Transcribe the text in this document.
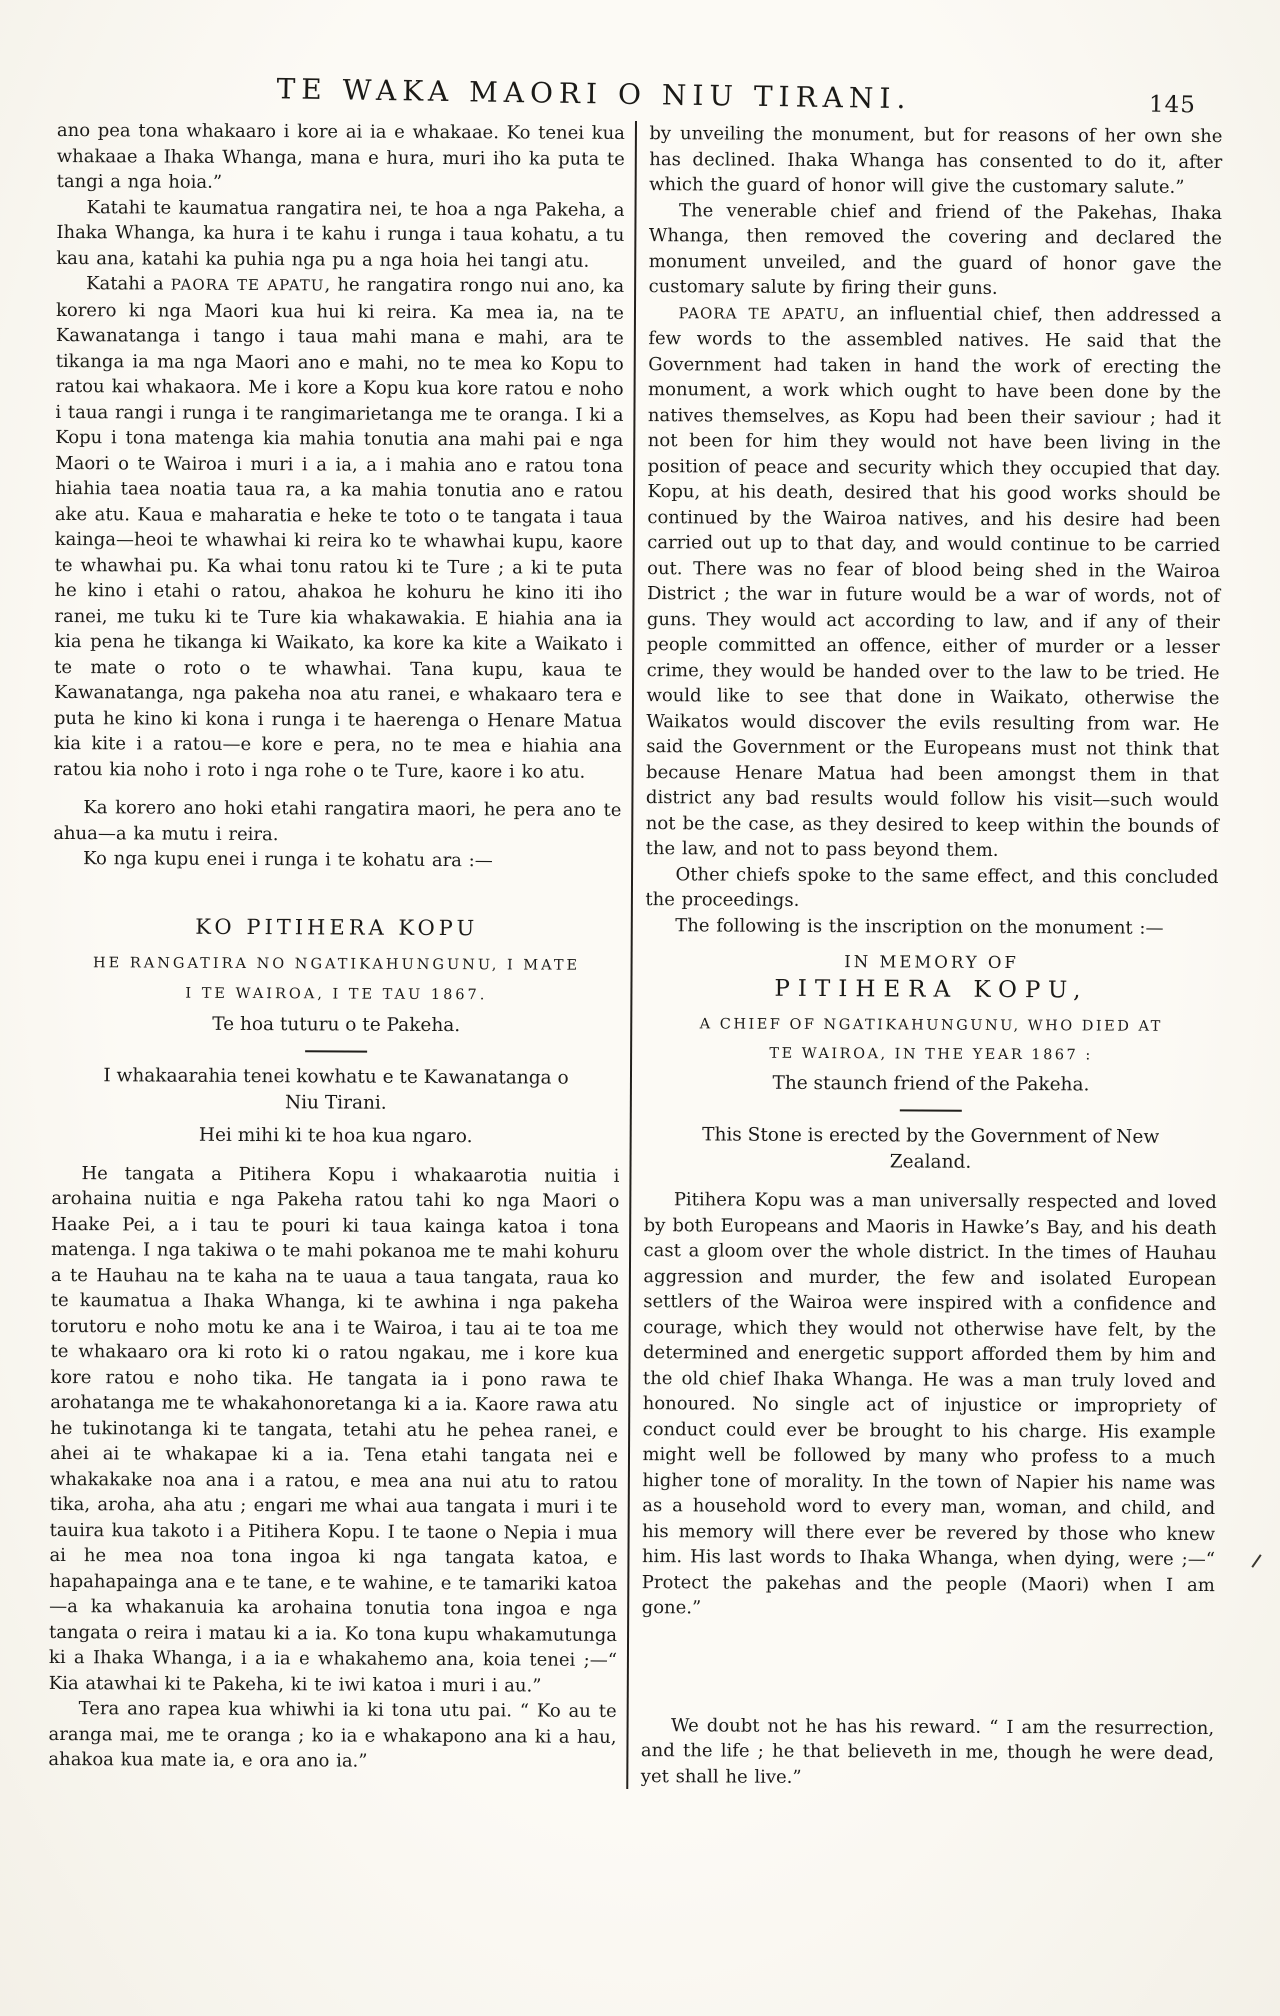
TE WAKA MAORI O NIU TIRANI.	145

ano pea tona whakaaro i kore ai ia e whakaae. Ko tenei kua whakaae a Ihaka Whanga, mana e hura, muri iho ka puta te tangi a nga hoia.”

Katahi te kaumatua rangatira nei, te hoa a nga Pakeha, a Ihaka Whanga, ka hura i te kahu i runga i taua kohatu, a tu kau ana, katahi ka puhia nga pu a nga hoia hei tangi atu.

Katahi a PAORA TE APATU, he rangatira rongo nui ano, ka korero ki nga Maori kua hui ki reira. Ka mea ia, na te Kawanatanga i tango i taua mahi mana e mahi, ara te tikanga ia ma nga Maori ano e mahi, no te mea ko Kopu to ratou kai whakaora. Me i kore a Kopu kua kore ratou e noho i taua rangi i runga i te rangimarietanga me te oranga. I ki a Kopu i tona matenga kia mahia tonutia ana mahi pai e nga Maori o te Wairoa i muri i a ia, a i mahia ano e ratou tona hiahia taea noatia taua ra, a ka mahia tonutia ano e ratou ake atu. Kaua e maharatia e heke te toto o te tangata i taua kainga—heoi te whawhai ki reira ko te whawhai kupu, kaore te whawhai pu. Ka whai tonu ratou ki te Ture ; a ki te puta he kino i etahi o ratou, ahakoa he kohuru he kino iti iho ranei, me tuku ki te Ture kia whakawakia. E hiahia ana ia kia pena he tikanga ki Waikato, ka kore ka kite a Waikato i te mate o roto o te whawhai. Tana kupu, kaua te Kawanatanga, nga pakeha noa atu ranei, e whakaaro tera e puta he kino ki kona i runga i te haerenga o Henare Matua kia kite i a ratou—e kore e pera, no te mea e hiahia ana ratou kia noho i roto i nga rohe o te Ture, kaore i ko atu.

Ka korero ano hoki etahi rangatira maori, he pera ano te ahua—a ka mutu i reira.

Ko nga kupu enei i runga i te kohatu ara :—

KO PITIHERA KOPU
HE RANGATIRA NO NGATIKAHUNGUNU, I MATE
I TE WAIROA, I TE TAU 1867.
Te hoa tuturu o te Pakeha.
I whakaarahia tenei kowhatu e te Kawanatanga o Niu Tirani.
Hei mihi ki te hoa kua ngaro.

He tangata a Pitihera Kopu i whakaarotia nuitia i arohaina nuitia e nga Pakeha ratou tahi ko nga Maori o Haake Pei, a i tau te pouri ki taua kainga katoa i tona matenga. I nga takiwa o te mahi pokanoa me te mahi kohuru a te Hauhau na te kaha na te uaua a taua tangata, raua ko te kaumatua a Ihaka Whanga, ki te awhina i nga pakeha torutoru e noho motu ke ana i te Wairoa, i tau ai te toa me te whakaaro ora ki roto ki o ratou ngakau, me i kore kua kore ratou e noho tika. He tangata ia i pono rawa te arohatanga me te whakahonoretanga ki a ia. Kaore rawa atu he tukinotanga ki te tangata, tetahi atu he pehea ranei, e ahei ai te whakapae ki a ia. Tena etahi tangata nei e whakakake noa ana i a ratou, e mea ana nui atu to ratou tika, aroha, aha atu ; engari me whai aua tangata i muri i te tauira kua takoto i a Pitihera Kopu. I te taone o Nepia i mua ai he mea noa tona ingoa ki nga tangata katoa, e hapahapainga ana e te tane, e te wahine, e te tamariki katoa—a ka whakanuia ka arohaina tonutia tona ingoa e nga tangata o reira i matau ki a ia. Ko tona kupu whakamutunga ki a Ihaka Whanga, i a ia e whakahemo ana, koia tenei ;—“ Kia atawhai ki te Pakeha, ki te iwi katoa i muri i au.”

Tera ano rapea kua whiwhi ia ki tona utu pai. “ Ko au te aranga mai, me te oranga ; ko ia e whakapono ana ki a hau, ahakoa kua mate ia, e ora ano ia.”

by unveiling the monument, but for reasons of her own she has declined. Ihaka Whanga has consented to do it, after which the guard of honor will give the customary salute.”

The venerable chief and friend of the Pakehas, Ihaka Whanga, then removed the covering and declared the monument unveiled, and the guard of honor gave the customary salute by firing their guns.

PAORA TE APATU, an influential chief, then addressed a few words to the assembled natives. He said that the Government had taken in hand the work of erecting the monument, a work which ought to have been done by the natives themselves, as Kopu had been their saviour ; had it not been for him they would not have been living in the position of peace and security which they occupied that day. Kopu, at his death, desired that his good works should be continued by the Wairoa natives, and his desire had been carried out up to that day, and would continue to be carried out. There was no fear of blood being shed in the Wairoa District ; the war in future would be a war of words, not of guns. They would act according to law, and if any of their people committed an offence, either of murder or a lesser crime, they would be handed over to the law to be tried. He would like to see that done in Waikato, otherwise the Waikatos would discover the evils resulting from war. He said the Government or the Europeans must not think that because Henare Matua had been amongst them in that district any bad results would follow his visit—such would not be the case, as they desired to keep within the bounds of the law, and not to pass beyond them.

Other chiefs spoke to the same effect, and this concluded the proceedings.

The following is the inscription on the monument :—

IN MEMORY OF
PITIHERA KOPU,
A CHIEF OF NGATIKAHUNGUNU, WHO DIED AT
TE WAIROA, IN THE YEAR 1867 :
The staunch friend of the Pakeha.
This Stone is erected by the Government of New Zealand.

Pitihera Kopu was a man universally respected and loved by both Europeans and Maoris in Hawke’s Bay, and his death cast a gloom over the whole district. In the times of Hauhau aggression and murder, the few and isolated European settlers of the Wairoa were inspired with a confidence and courage, which they would not otherwise have felt, by the determined and energetic support afforded them by him and the old chief Ihaka Whanga. He was a man truly loved and honoured. No single act of injustice or impropriety of conduct could ever be brought to his charge. His example might well be followed by many who profess to a much higher tone of morality. In the town of Napier his name was as a household word to every man, woman, and child, and his memory will there ever be revered by those who knew him. His last words to Ihaka Whanga, when dying, were ;—“ Protect the pakehas and the people (Maori) when I am gone.”

We doubt not he has his reward. “ I am the resurrection, and the life ; he that believeth in me, though he were dead, yet shall he live.”
